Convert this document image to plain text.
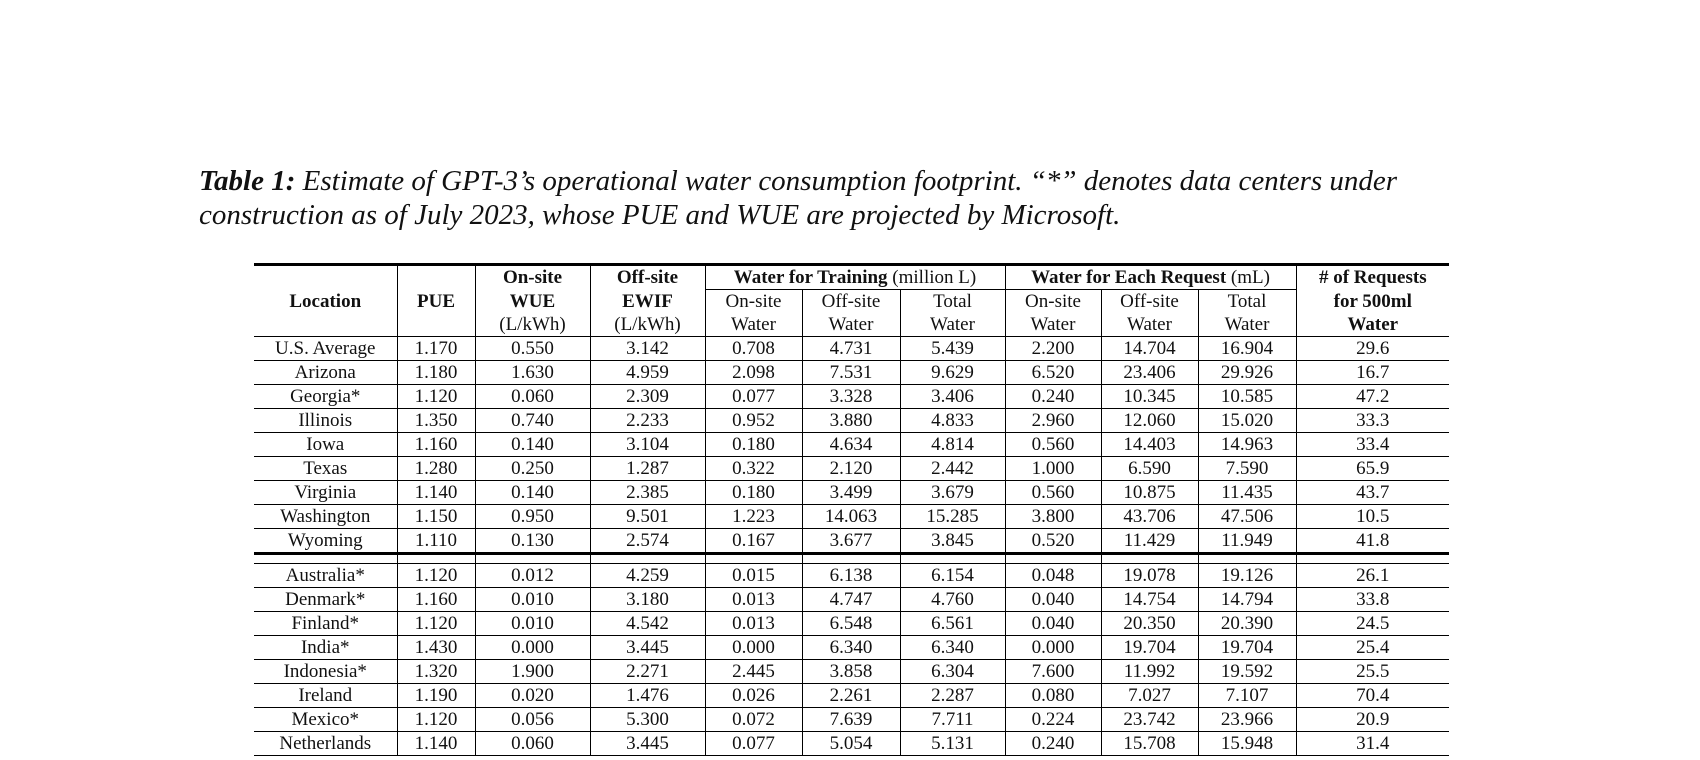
Table 1: Estimate of GPT-3’s operational water consumption footprint. “*” denotes data centers under construction as of July 2023, whose PUE and WUE are projected by Microsoft.
Location	PUE	On-site	Off-site	Water for Training (million L)			Water for Each Request (mL)			# of Requests
		WUE	EWIF	On-site	Off-site	Total	On-site	Off-site	Total	for 500ml
		(L/kWh)	(L/kWh)	Water	Water	Water	Water	Water	Water	Water
U.S. Average	1.170	0.550	3.142	0.708	4.731	5.439	2.200	14.704	16.904	29.6
Arizona	1.180	1.630	4.959	2.098	7.531	9.629	6.520	23.406	29.926	16.7
Georgia*	1.120	0.060	2.309	0.077	3.328	3.406	0.240	10.345	10.585	47.2
Illinois	1.350	0.740	2.233	0.952	3.880	4.833	2.960	12.060	15.020	33.3
Iowa	1.160	0.140	3.104	0.180	4.634	4.814	0.560	14.403	14.963	33.4
Texas	1.280	0.250	1.287	0.322	2.120	2.442	1.000	6.590	7.590	65.9
Virginia	1.140	0.140	2.385	0.180	3.499	3.679	0.560	10.875	11.435	43.7
Washington	1.150	0.950	9.501	1.223	14.063	15.285	3.800	43.706	47.506	10.5
Wyoming	1.110	0.130	2.574	0.167	3.677	3.845	0.520	11.429	11.949	41.8

Australia*	1.120	0.012	4.259	0.015	6.138	6.154	0.048	19.078	19.126	26.1
Denmark*	1.160	0.010	3.180	0.013	4.747	4.760	0.040	14.754	14.794	33.8
Finland*	1.120	0.010	4.542	0.013	6.548	6.561	0.040	20.350	20.390	24.5
India*	1.430	0.000	3.445	0.000	6.340	6.340	0.000	19.704	19.704	25.4
Indonesia*	1.320	1.900	2.271	2.445	3.858	6.304	7.600	11.992	19.592	25.5
Ireland	1.190	0.020	1.476	0.026	2.261	2.287	0.080	7.027	7.107	70.4
Mexico*	1.120	0.056	5.300	0.072	7.639	7.711	0.224	23.742	23.966	20.9
Netherlands	1.140	0.060	3.445	0.077	5.054	5.131	0.240	15.708	15.948	31.4
